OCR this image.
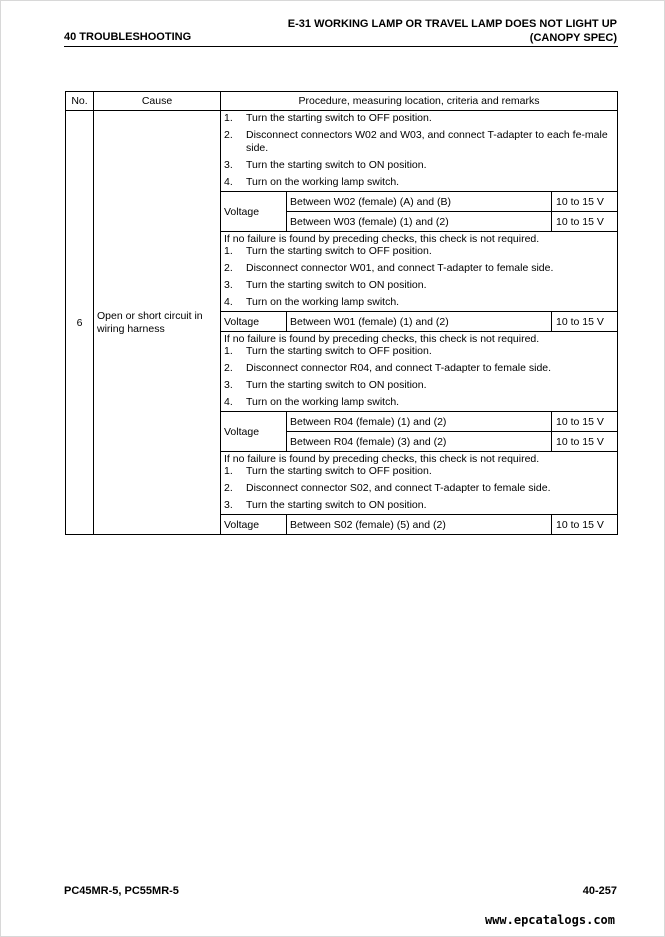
40 TROUBLESHOOTING
E-31 WORKING LAMP OR TRAVEL LAMP DOES NOT LIGHT UP
(CANOPY SPEC)
No.	Cause	Procedure, measuring location, criteria and remarks
6	Open or short circuit in wiring harness	
1.	Turn the starting switch to OFF position.
2.	Disconnect connectors W02 and W03, and connect T-adapter to each fe-male side.
3.	Turn the starting switch to ON position.
4.	Turn on the working lamp switch.

Voltage	Between W02 (female) (A) and (B)	10 to 15 V
Between W03 (female) (1) and (2)	10 to 15 V

If no failure is found by preceding checks, this check is not required.
1.	Turn the starting switch to OFF position.
2.	Disconnect connector W01, and connect T-adapter to female side.
3.	Turn the starting switch to ON position.
4.	Turn on the working lamp switch.

Voltage	Between W01 (female) (1) and (2)	10 to 15 V

If no failure is found by preceding checks, this check is not required.
1.	Turn the starting switch to OFF position.
2.	Disconnect connector R04, and connect T-adapter to female side.
3.	Turn the starting switch to ON position.
4.	Turn on the working lamp switch.

Voltage	Between R04 (female) (1) and (2)	10 to 15 V
Between R04 (female) (3) and (2)	10 to 15 V

If no failure is found by preceding checks, this check is not required.
1.	Turn the starting switch to OFF position.
2.	Disconnect connector S02, and connect T-adapter to female side.
3.	Turn the starting switch to ON position.

Voltage	Between S02 (female) (5) and (2)	10 to 15 V
PC45MR-5, PC55MR-5	40-257
www.epcatalogs.com
